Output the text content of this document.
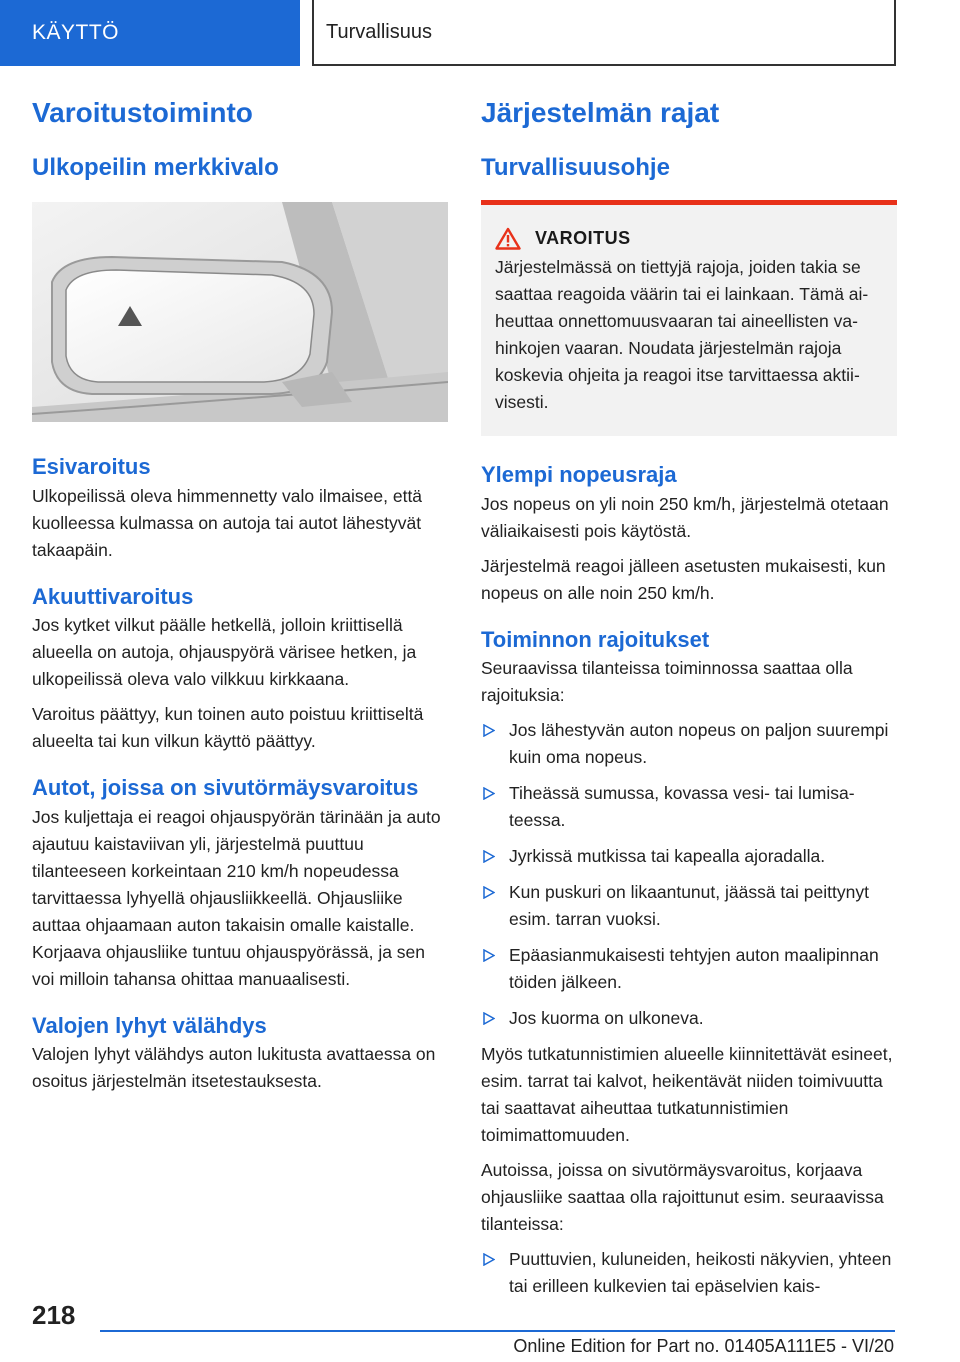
KÄYTTÖ	Turvallisuus
Varoitustoiminto
Ulkopeilin merkkivalo
Esivaroitus

Ulkopeilissä oleva himmennetty valo ilmaisee, että kuolleessa kulmassa on autoja tai autot lähestyvät takaapäin.

Akuuttivaroitus

Jos kytket vilkut päälle hetkellä, jolloin kriittisellä alueella on autoja, ohjauspyörä värisee hetken, ja ulkopeilissä oleva valo vilkkuu kirkkaana.

Varoitus päättyy, kun toinen auto poistuu kriittiseltä alueelta tai kun vilkun käyttö päättyy.

Autot, joissa on sivutörmäysvaroitus

Jos kuljettaja ei reagoi ohjauspyörän tärinään ja auto ajautuu kaistaviivan yli, järjestelmä puuttuu tilanteeseen korkeintaan 210 km/h nopeudessa tarvittaessa lyhyellä ohjausliikkeellä. Ohjausliike auttaa ohjaamaan auton takaisin omalle kaistalle. Korjaava ohjausliike tuntuu ohjauspyörässä, ja sen voi milloin tahansa ohittaa manuaalisesti.

Valojen lyhyt välähdys

Valojen lyhyt välähdys auton lukitusta avattaessa on osoitus järjestelmän itsetestauksesta.

Järjestelmän rajat
Turvallisuusohje
VAROITUS

Järjestelmässä on tiettyjä rajoja, joiden takia se saattaa reagoida väärin tai ei lainkaan. Tämä aiheuttaa onnettomuusvaaran tai aineellisten vahinkojen vaaran. Noudata järjestelmän rajoja koskevia ohjeita ja reagoi itse tarvittaessa aktiivisesti.

Ylempi nopeusraja

Jos nopeus on yli noin 250 km/h, järjestelmä otetaan väliaikaisesti pois käytöstä.

Järjestelmä reagoi jälleen asetusten mukaisesti, kun nopeus on alle noin 250 km/h.

Toiminnon rajoitukset

Seuraavissa tilanteissa toiminnossa saattaa olla rajoituksia:

Jos lähestyvän auton nopeus on paljon suurempi kuin oma nopeus.
Tiheässä sumussa, kovassa vesi- tai lumisateessa.
Jyrkissä mutkissa tai kapealla ajoradalla.
Kun puskuri on likaantunut, jäässä tai peittynyt esim. tarran vuoksi.
Epäasianmukaisesti tehtyjen auton maalipinnan töiden jälkeen.
Jos kuorma on ulkoneva.

Myös tutkatunnistimien alueelle kiinnitettävät esineet, esim. tarrat tai kalvot, heikentävät niiden toimivuutta tai saattavat aiheuttaa tutkatunnistimien toimimattomuuden.

Autoissa, joissa on sivutörmäysvaroitus, korjaava ohjausliike saattaa olla rajoittunut esim. seuraavissa tilanteissa:

Puuttuvien, kuluneiden, heikosti näkyvien, yhteen tai erilleen kulkevien tai epäselvien kais-
218
Online Edition for Part no. 01405A111E5 - VI/20
